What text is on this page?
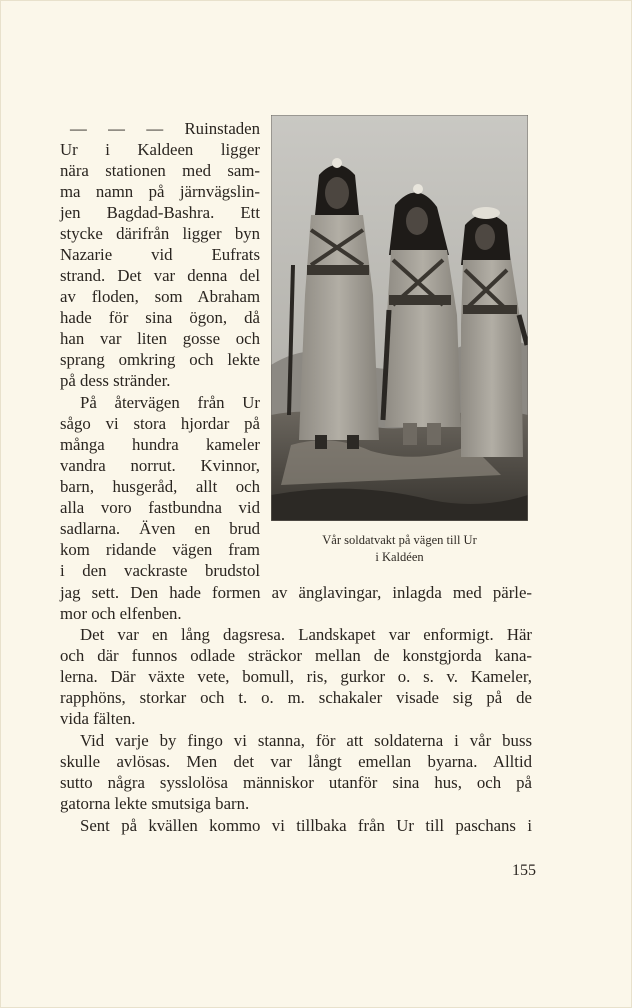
— — — Ruinstaden
Ur i Kaldeen ligger
nära stationen med sam-
ma namn på järnvägslin-
jen Bagdad-Bashra. Ett
stycke därifrån ligger byn
Nazarie vid Eufrats
strand. Det var denna del
av floden, som Abraham
hade för sina ögon, då
han var liten gosse och
sprang omkring och lekte
på dess stränder.
På återvägen från Ur
sågo vi stora hjordar på
många hundra kameler
vandra norrut. Kvinnor,
barn, husgeråd, allt och
alla voro fastbundna vid
sadlarna. Även en brud
kom ridande vägen fram
i den vackraste brudstol
Vår soldatvakt på vägen till Ur
i Kaldéen
jag sett. Den hade formen av änglavingar, inlagda med pärle-
mor och elfenben.
Det var en lång dagsresa. Landskapet var enformigt. Här
och där funnos odlade sträckor mellan de konstgjorda kana-
lerna. Där växte vete, bomull, ris, gurkor o. s. v. Kameler,
rapphöns, storkar och t. o. m. schakaler visade sig på de
vida fälten.
Vid varje by fingo vi stanna, för att soldaterna i vår buss
skulle avlösas. Men det var långt emellan byarna. Alltid
sutto några sysslolösa människor utanför sina hus, och på
gatorna lekte smutsiga barn.
Sent på kvällen kommo vi tillbaka från Ur till paschans i
155
